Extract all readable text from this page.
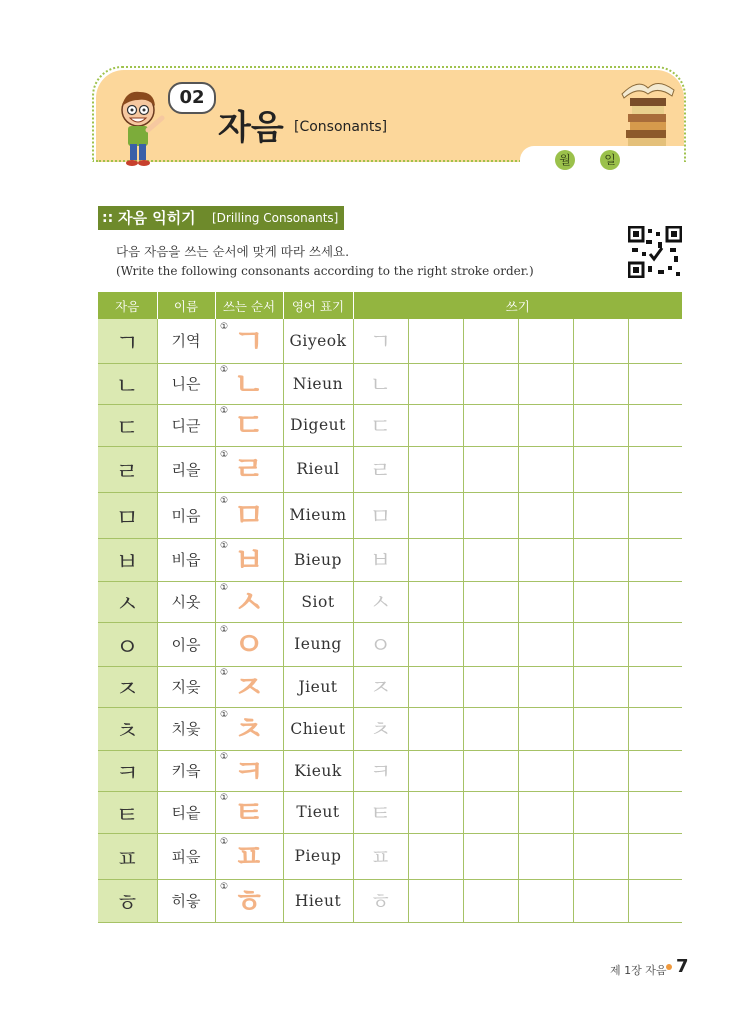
02
자음 [Consonants]
월	일
:: 자음 익히기 [Drilling Consonants]
다음 자음을 쓰는 순서에 맞게 따라 쓰세요.
(Write the following consonants according to the right stroke order.)
자음	이름	쓰는 순서	영어 표기	쓰기					
ㄱ	기역	① ㄱ	Giyeok	ㄱ					
ㄴ	니은	① ㄴ	Nieun	ㄴ					
ㄷ	디귿	① ㄷ	Digeut	ㄷ					
ㄹ	리을	① ㄹ	Rieul	ㄹ					
ㅁ	미음	① ㅁ	Mieum	ㅁ					
ㅂ	비읍	① ㅂ	Bieup	ㅂ					
ㅅ	시옷	① ㅅ	Siot	ㅅ					
ㅇ	이응	① ㅇ	Ieung	ㅇ					
ㅈ	지읒	① ㅈ	Jieut	ㅈ					
ㅊ	치읓	① ㅊ	Chieut	ㅊ					
ㅋ	키읔	① ㅋ	Kieuk	ㅋ					
ㅌ	티읕	① ㅌ	Tieut	ㅌ					
ㅍ	피읖	① ㅍ	Pieup	ㅍ					
ㅎ	히읗	① ㅎ	Hieut	ㅎ					
제 1장 자음 7
